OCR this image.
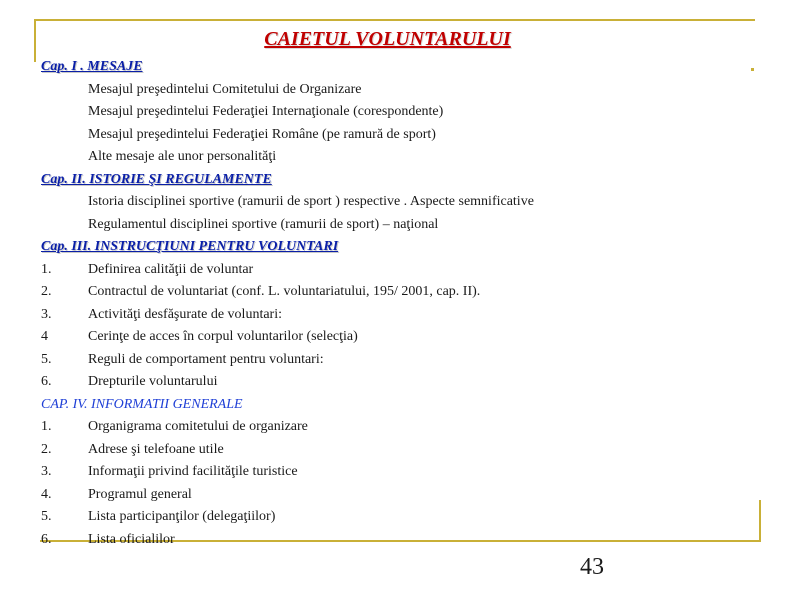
CAIETUL VOLUNTARULUI
Cap. I . MESAJE
Mesajul preşedintelui Comitetului de Organizare
Mesajul preşedintelui Federaţiei Internaţionale (corespondente)
Mesajul preşedintelui Federaţiei Române (pe ramură de sport)
Alte mesaje ale unor personalităţi
Cap. II. ISTORIE ŞI REGULAMENTE
Istoria disciplinei sportive (ramurii de sport ) respective . Aspecte semnificative
Regulamentul disciplinei sportive (ramurii de sport) – naţional
Cap. III. INSTRUCŢIUNI PENTRU VOLUNTARI
1.	Definirea calităţii de voluntar
2.	Contractul de voluntariat (conf. L. voluntariatului, 195/ 2001, cap. II).
3.	Activităţi desfăşurate de voluntari:
4	Cerinţe de acces în corpul voluntarilor (selecţia)
5.	Reguli de comportament pentru voluntari:
6.	Drepturile voluntarului
CAP. IV. INFORMATII GENERALE
1.	Organigrama comitetului de organizare
2.	Adrese şi telefoane utile
3.	Informaţii privind facilităţile turistice
4.	Programul general
5.	Lista participanţilor (delegaţiilor)
6.	Lista oficialilor
43
